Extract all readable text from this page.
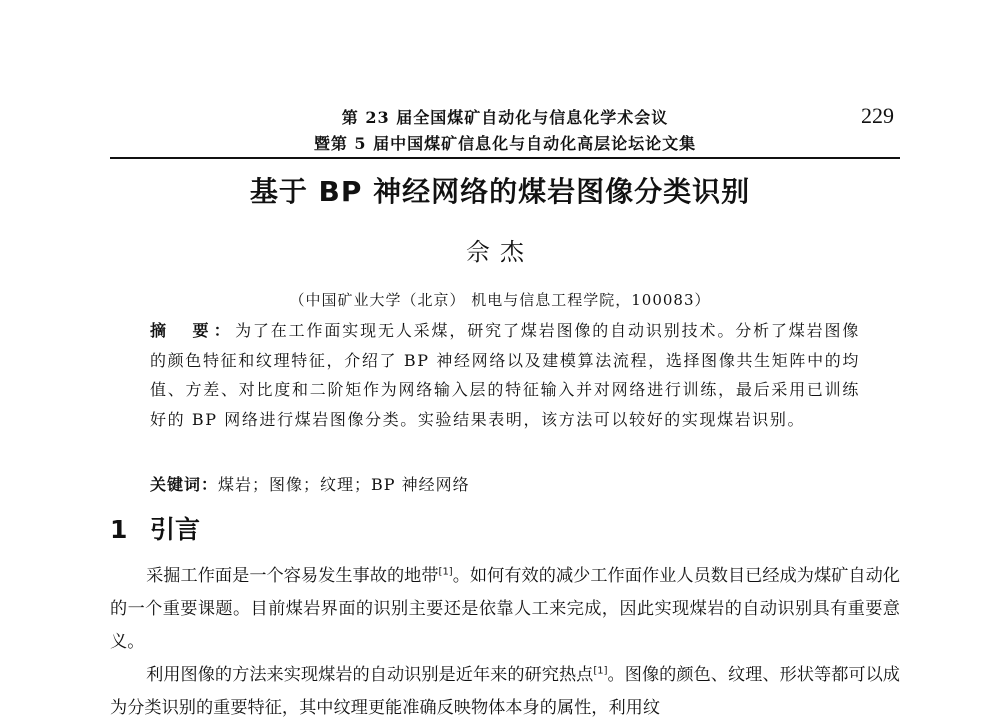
第 23 届全国煤矿自动化与信息化学术会议
暨第 5 届中国煤矿信息化与自动化高层论坛论文集
229
基于 BP 神经网络的煤岩图像分类识别
佘杰
（中国矿业大学（北京） 机电与信息工程学院，100083）
摘　要：为了在工作面实现无人采煤，研究了煤岩图像的自动识别技术。分析了煤岩图像的颜色特征和纹理特征，介绍了 BP 神经网络以及建模算法流程，选择图像共生矩阵中的均值、方差、对比度和二阶矩作为网络输入层的特征输入并对网络进行训练，最后采用已训练好的 BP 网络进行煤岩图像分类。实验结果表明，该方法可以较好的实现煤岩识别。
关键词：煤岩；图像；纹理；BP 神经网络
1 引言

采掘工作面是一个容易发生事故的地带[1]。如何有效的减少工作面作业人员数目已经成为煤矿自动化的一个重要课题。目前煤岩界面的识别主要还是依靠人工来完成，因此实现煤岩的自动识别具有重要意义。

利用图像的方法来实现煤岩的自动识别是近年来的研究热点[1]。图像的颜色、纹理、形状等都可以成为分类识别的重要特征，其中纹理更能准确反映物体本身的属性，利用纹
